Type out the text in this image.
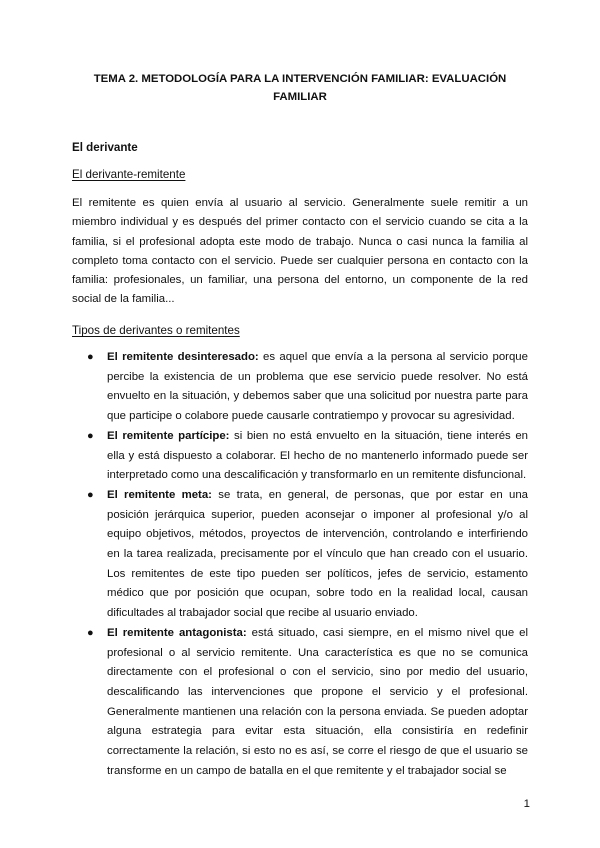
TEMA 2. METODOLOGÍA PARA LA INTERVENCIÓN FAMILIAR: EVALUACIÓN FAMILIAR
El derivante
El derivante-remitente

El remitente es quien envía al usuario al servicio. Generalmente suele remitir a un miembro individual y es después del primer contacto con el servicio cuando se cita a la familia, si el profesional adopta este modo de trabajo. Nunca o casi nunca la familia al completo toma contacto con el servicio. Puede ser cualquier persona en contacto con la familia: profesionales, un familiar, una persona del entorno, un componente de la red social de la familia...

Tipos de derivantes o remitentes
● El remitente desinteresado: es aquel que envía a la persona al servicio porque percibe la existencia de un problema que ese servicio puede resolver. No está envuelto en la situación, y debemos saber que una solicitud por nuestra parte para que participe o colabore puede causarle contratiempo y provocar su agresividad.
● El remitente partícipe: si bien no está envuelto en la situación, tiene interés en ella y está dispuesto a colaborar. El hecho de no mantenerlo informado puede ser interpretado como una descalificación y transformarlo en un remitente disfuncional.
● El remitente meta: se trata, en general, de personas, que por estar en una posición jerárquica superior, pueden aconsejar o imponer al profesional y/o al equipo objetivos, métodos, proyectos de intervención, controlando e interfiriendo en la tarea realizada, precisamente por el vínculo que han creado con el usuario. Los remitentes de este tipo pueden ser políticos, jefes de servicio, estamento médico que por posición que ocupan, sobre todo en la realidad local, causan dificultades al trabajador social que recibe al usuario enviado.
● El remitente antagonista: está situado, casi siempre, en el mismo nivel que el profesional o al servicio remitente. Una característica es que no se comunica directamente con el profesional o con el servicio, sino por medio del usuario, descalificando las intervenciones que propone el servicio y el profesional. Generalmente mantienen una relación con la persona enviada. Se pueden adoptar alguna estrategia para evitar esta situación, ella consistiría en redefinir correctamente la relación, si esto no es así, se corre el riesgo de que el usuario se transforme en un campo de batalla en el que remitente y el trabajador social se
1
